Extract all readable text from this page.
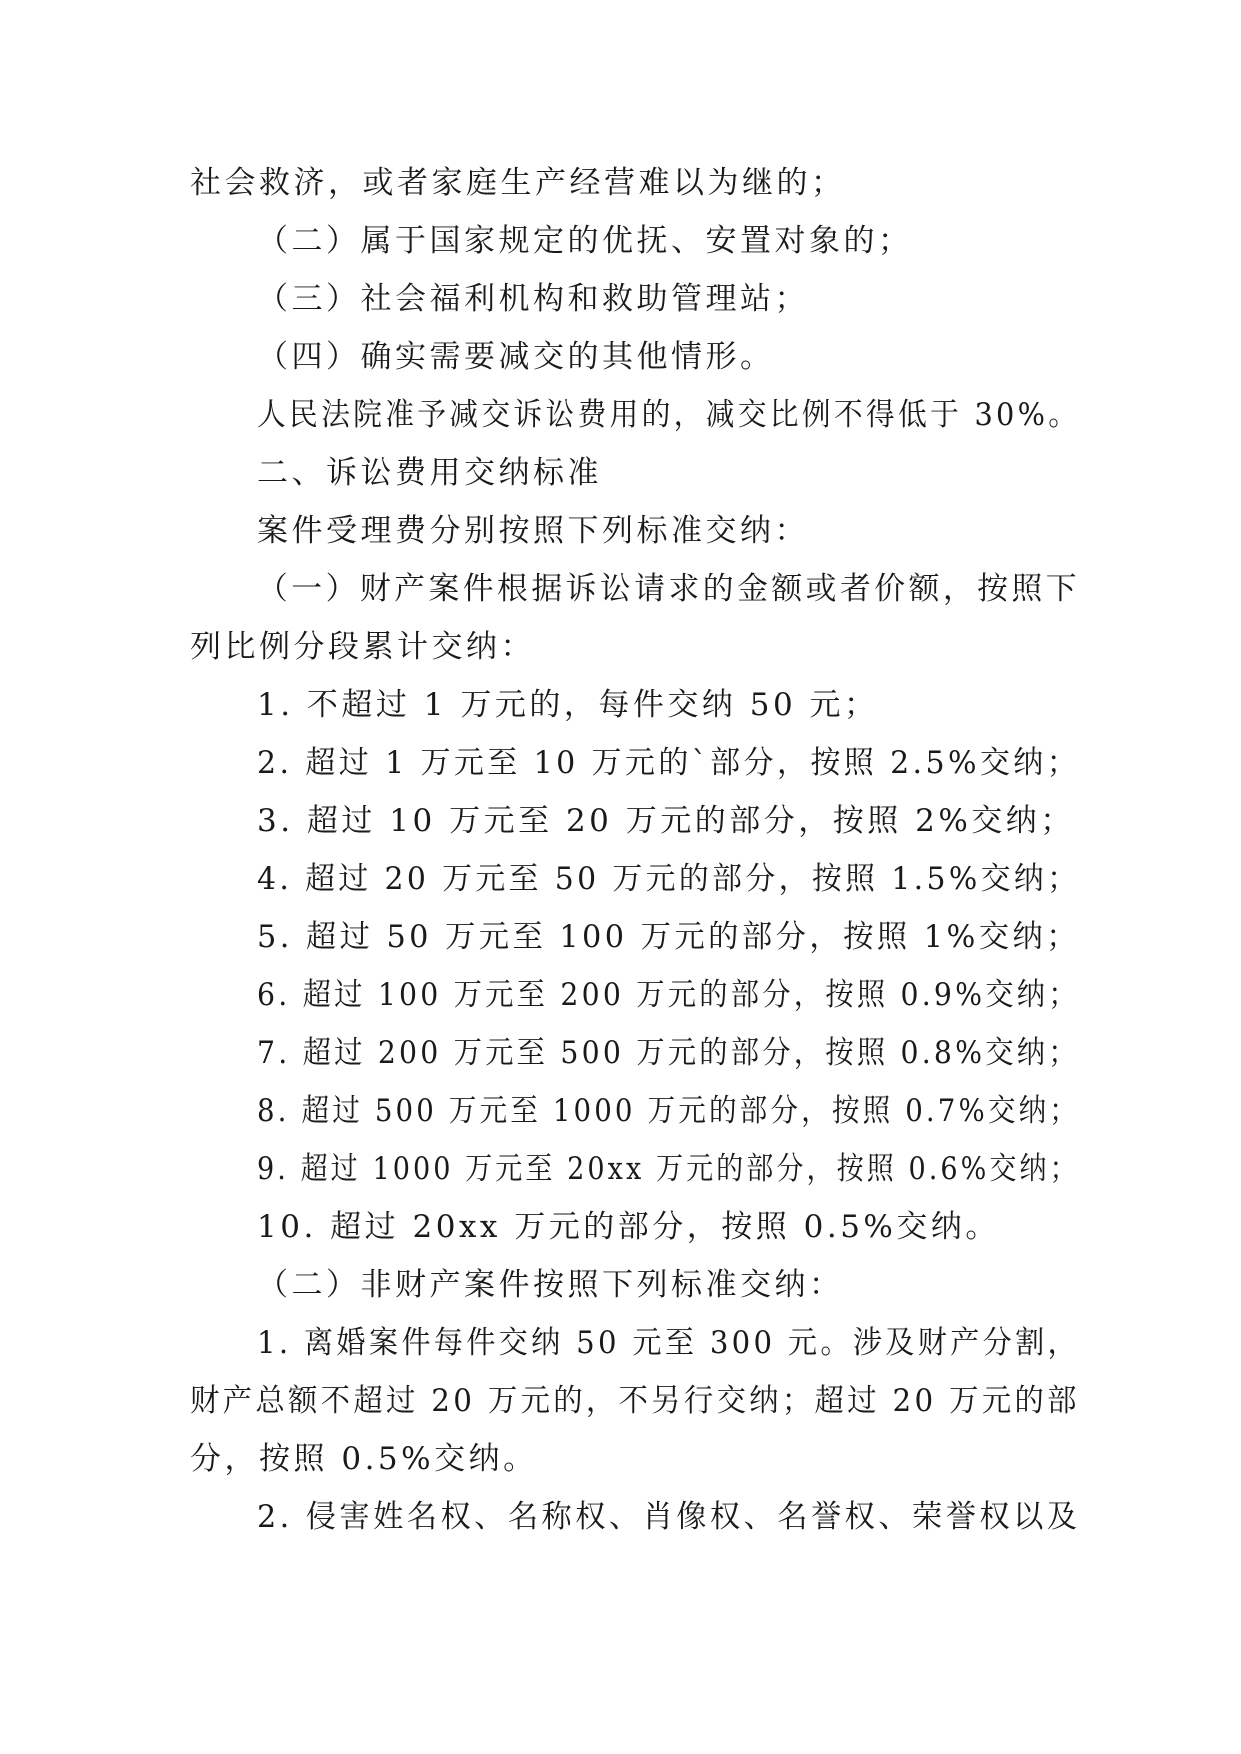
社会救济，或者家庭生产经营难以为继的；
（二）属于国家规定的优抚、安置对象的；
（三）社会福利机构和救助管理站；
（四）确实需要减交的其他情形。
人民法院准予减交诉讼费用的，减交比例不得低于 30%。
二、诉讼费用交纳标准
案件受理费分别按照下列标准交纳：
（一）财产案件根据诉讼请求的金额或者价额，按照下
列比例分段累计交纳：
1. 不超过 1 万元的，每件交纳 50 元；
2. 超过 1 万元至 10 万元的`部分，按照 2.5%交纳；
3. 超过 10 万元至 20 万元的部分，按照 2%交纳；
4. 超过 20 万元至 50 万元的部分，按照 1.5%交纳；
5. 超过 50 万元至 100 万元的部分，按照 1%交纳；
6. 超过 100 万元至 200 万元的部分，按照 0.9%交纳；
7. 超过 200 万元至 500 万元的部分，按照 0.8%交纳；
8. 超过 500 万元至 1000 万元的部分，按照 0.7%交纳；
9. 超过 1000 万元至 20xx 万元的部分，按照 0.6%交纳；
10. 超过 20xx 万元的部分，按照 0.5%交纳。
（二）非财产案件按照下列标准交纳：
1. 离婚案件每件交纳 50 元至 300 元。涉及财产分割，
财产总额不超过 20 万元的，不另行交纳；超过 20 万元的部
分，按照 0.5%交纳。
2. 侵害姓名权、名称权、肖像权、名誉权、荣誉权以及
